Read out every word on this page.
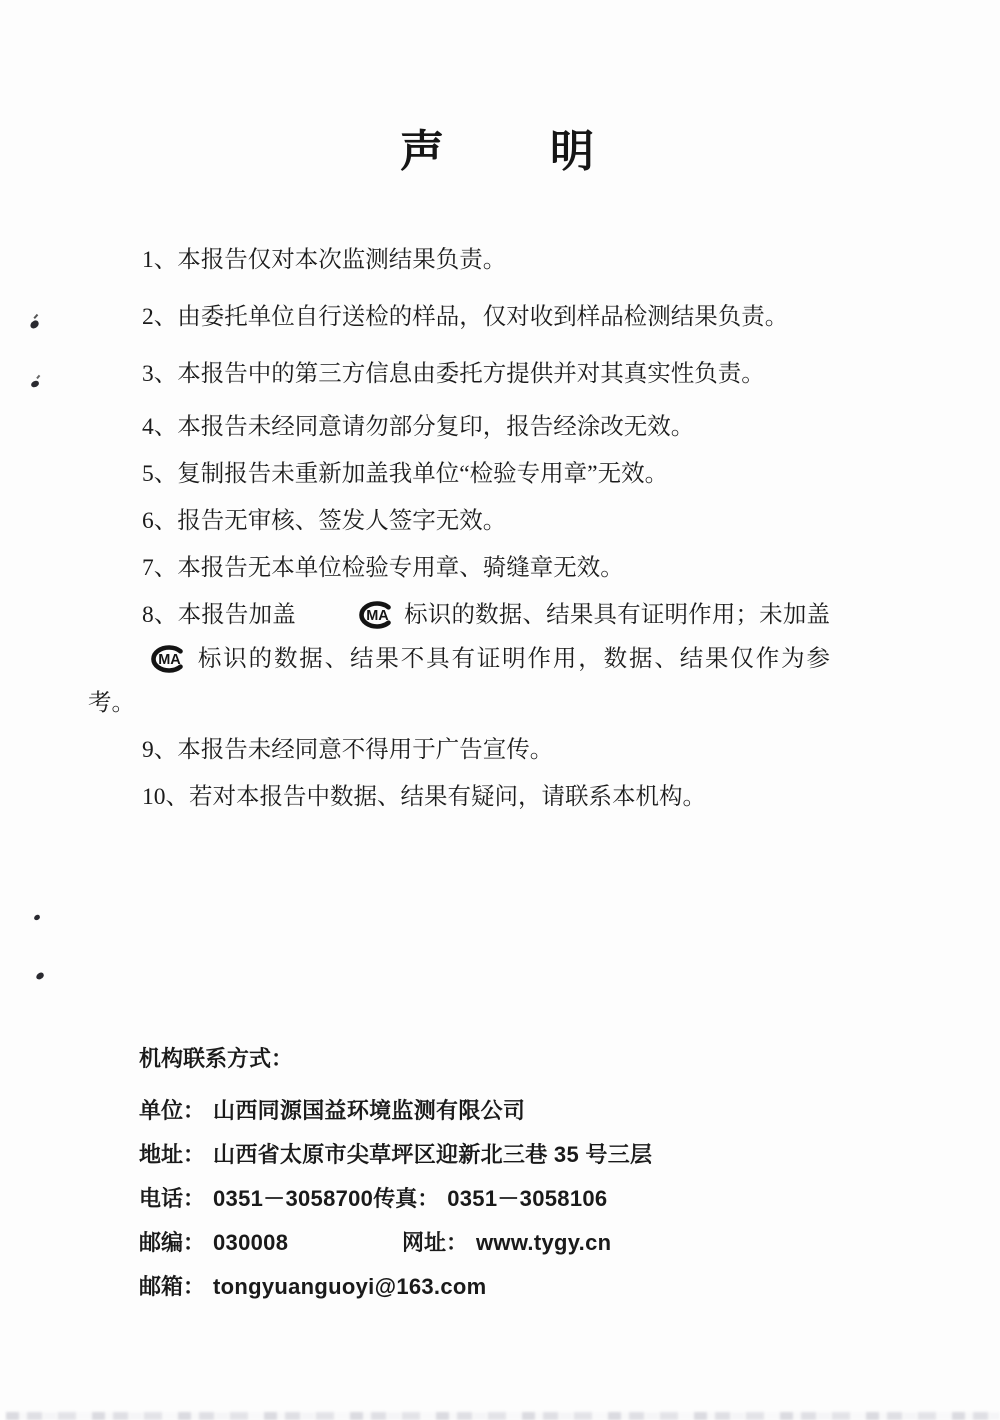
声　　明

1、本报告仅对本次监测结果负责。

2、由委托单位自行送检的样品，仅对收到样品检测结果负责。

3、本报告中的第三方信息由委托方提供并对其真实性负责。

4、本报告未经同意请勿部分复印，报告经涂改无效。

5、复制报告未重新加盖我单位“检验专用章”无效。

6、报告无审核、签发人签字无效。

7、本报告无本单位检验专用章、骑缝章无效。

8、本报告加盖	MA 标识的数据、结果具有证明作用；未加盖
MA 标识的数据、结果不具有证明作用，数据、结果仅作为参考。

9、本报告未经同意不得用于广告宣传。

10、若对本报告中数据、结果有疑问，请联系本机构。

机构联系方式：

单位： 山西同源国益环境监测有限公司
地址： 山西省太原市尖草坪区迎新北三巷 35 号三层
电话： 0351－3058700传真： 0351－3058106
邮编： 030008	网址： www.tygy.cn
邮箱： tongyuanguoyi@163.com
